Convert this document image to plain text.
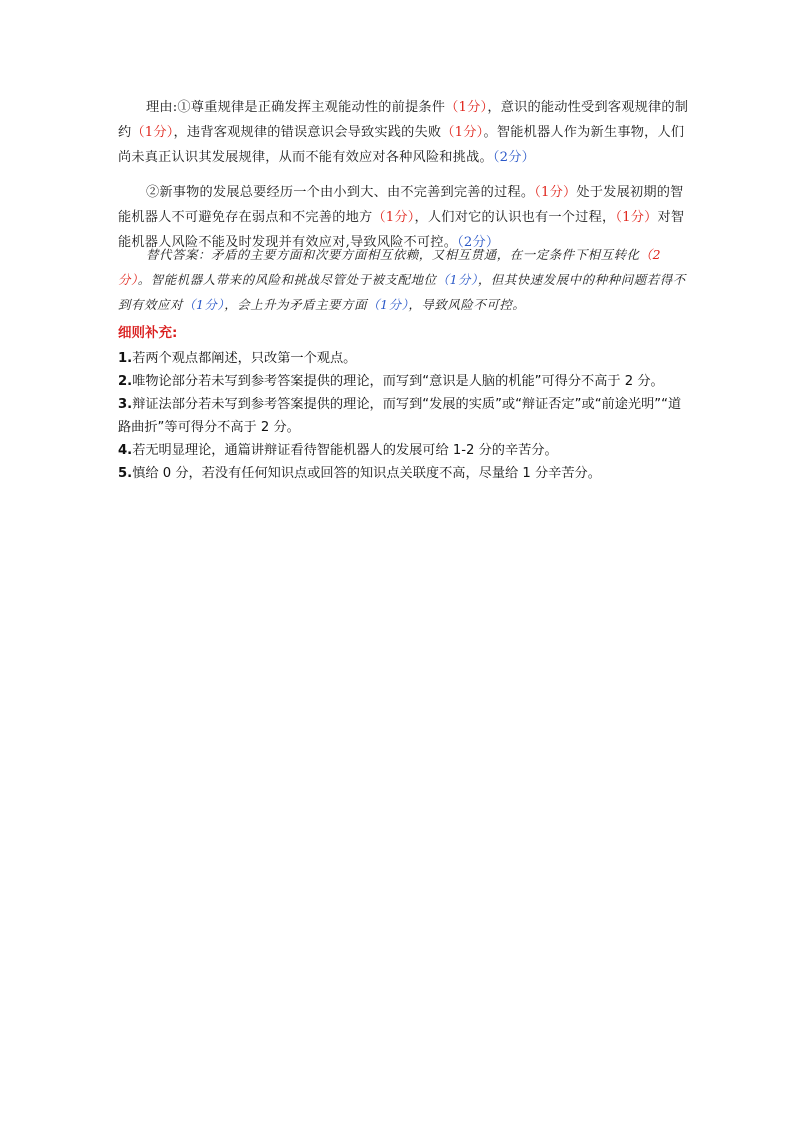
理由:①尊重规律是正确发挥主观能动性的前提条件（1分），意识的能动性受到客观规律的制约（1分），违背客观规律的错误意识会导致实践的失败（1分）。智能机器人作为新生事物，人们尚未真正认识其发展规律，从而不能有效应对各种风险和挑战。（2分）

②新事物的发展总要经历一个由小到大、由不完善到完善的过程。（1分）处于发展初期的智能机器人不可避免存在弱点和不完善的地方（1分），人们对它的认识也有一个过程，（1分）对智能机器人风险不能及时发现并有效应对,导致风险不可控。（2分）

替代答案：矛盾的主要方面和次要方面相互依赖，又相互贯通，在一定条件下相互转化（2分）。智能机器人带来的风险和挑战尽管处于被支配地位（1分），但其快速发展中的种种问题若得不到有效应对（1分），会上升为矛盾主要方面（1分），导致风险不可控。

细则补充:

1.若两个观点都阐述，只改第一个观点。
2.唯物论部分若未写到参考答案提供的理论，而写到“意识是人脑的机能”可得分不高于 2 分。
3.辩证法部分若未写到参考答案提供的理论，而写到“发展的实质”或“辩证否定”或“前途光明”“道路曲折”等可得分不高于 2 分。
4.若无明显理论，通篇讲辩证看待智能机器人的发展可给 1-2 分的辛苦分。
5.慎给 0 分，若没有任何知识点或回答的知识点关联度不高，尽量给 1 分辛苦分。
